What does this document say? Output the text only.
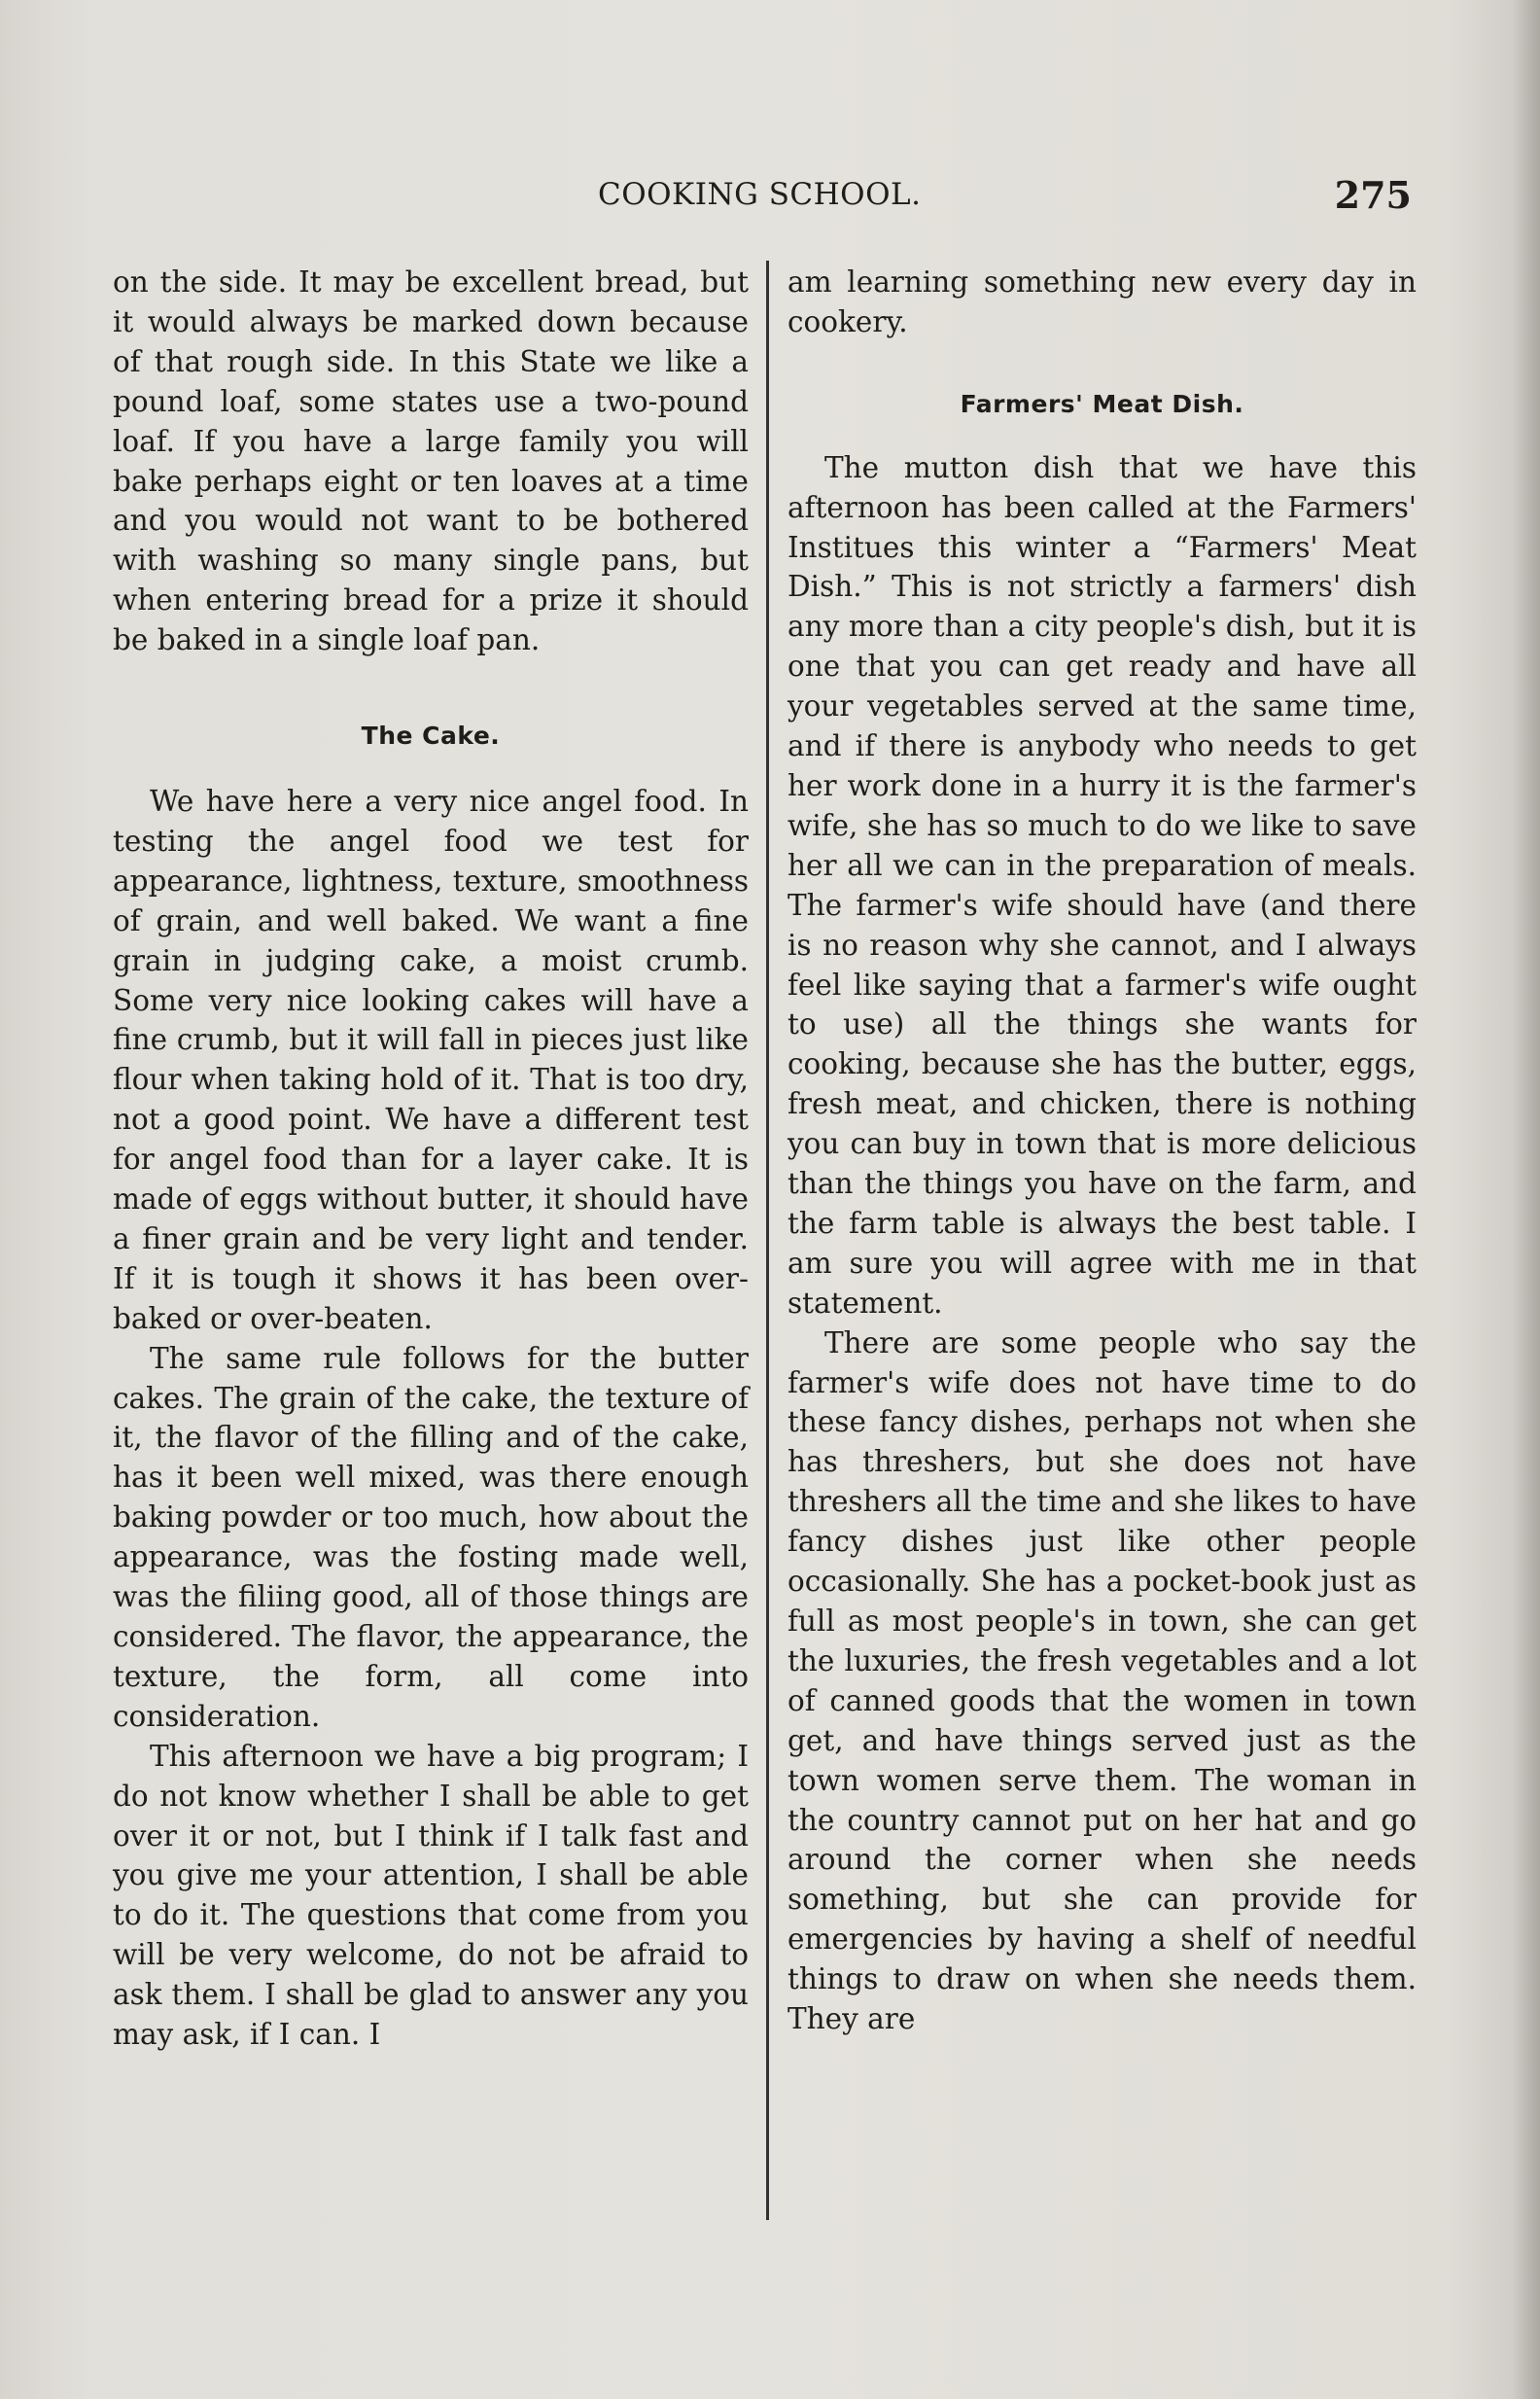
COOKING SCHOOL.	275

on the side. It may be excellent bread, but it would always be marked down because of that rough side. In this State we like a pound loaf, some states use a two-pound loaf. If you have a large family you will bake perhaps eight or ten loaves at a time and you would not want to be bothered with washing so many single pans, but when entering bread for a prize it should be baked in a single loaf pan.

The Cake.

We have here a very nice angel food. In testing the angel food we test for appearance, lightness, texture, smoothness of grain, and well baked. We want a fine grain in judging cake, a moist crumb. Some very nice looking cakes will have a fine crumb, but it will fall in pieces just like flour when taking hold of it. That is too dry, not a good point. We have a different test for angel food than for a layer cake. It is made of eggs without butter, it should have a finer grain and be very light and tender. If it is tough it shows it has been over-baked or over-beaten.

The same rule follows for the butter cakes. The grain of the cake, the texture of it, the flavor of the filling and of the cake, has it been well mixed, was there enough baking powder or too much, how about the appearance, was the fosting made well, was the filiing good, all of those things are considered. The flavor, the appearance, the texture, the form, all come into consideration.

This afternoon we have a big program; I do not know whether I shall be able to get over it or not, but I think if I talk fast and you give me your attention, I shall be able to do it. The questions that come from you will be very welcome, do not be afraid to ask them. I shall be glad to answer any you may ask, if I can. I

am learning something new every day in cookery.

Farmers' Meat Dish.

The mutton dish that we have this afternoon has been called at the Farmers' Institues this winter a “Farmers' Meat Dish.” This is not strictly a farmers' dish any more than a city people's dish, but it is one that you can get ready and have all your vegetables served at the same time, and if there is anybody who needs to get her work done in a hurry it is the farmer's wife, she has so much to do we like to save her all we can in the preparation of meals. The farmer's wife should have (and there is no reason why she cannot, and I always feel like saying that a farmer's wife ought to use) all the things she wants for cooking, because she has the butter, eggs, fresh meat, and chicken, there is nothing you can buy in town that is more delicious than the things you have on the farm, and the farm table is always the best table. I am sure you will agree with me in that statement.

There are some people who say the farmer's wife does not have time to do these fancy dishes, perhaps not when she has threshers, but she does not have threshers all the time and she likes to have fancy dishes just like other people occasionally. She has a pocket-book just as full as most people's in town, she can get the luxuries, the fresh vegetables and a lot of canned goods that the women in town get, and have things served just as the town women serve them. The woman in the country cannot put on her hat and go around the corner when she needs something, but she can provide for emergencies by having a shelf of needful things to draw on when she needs them. They are
